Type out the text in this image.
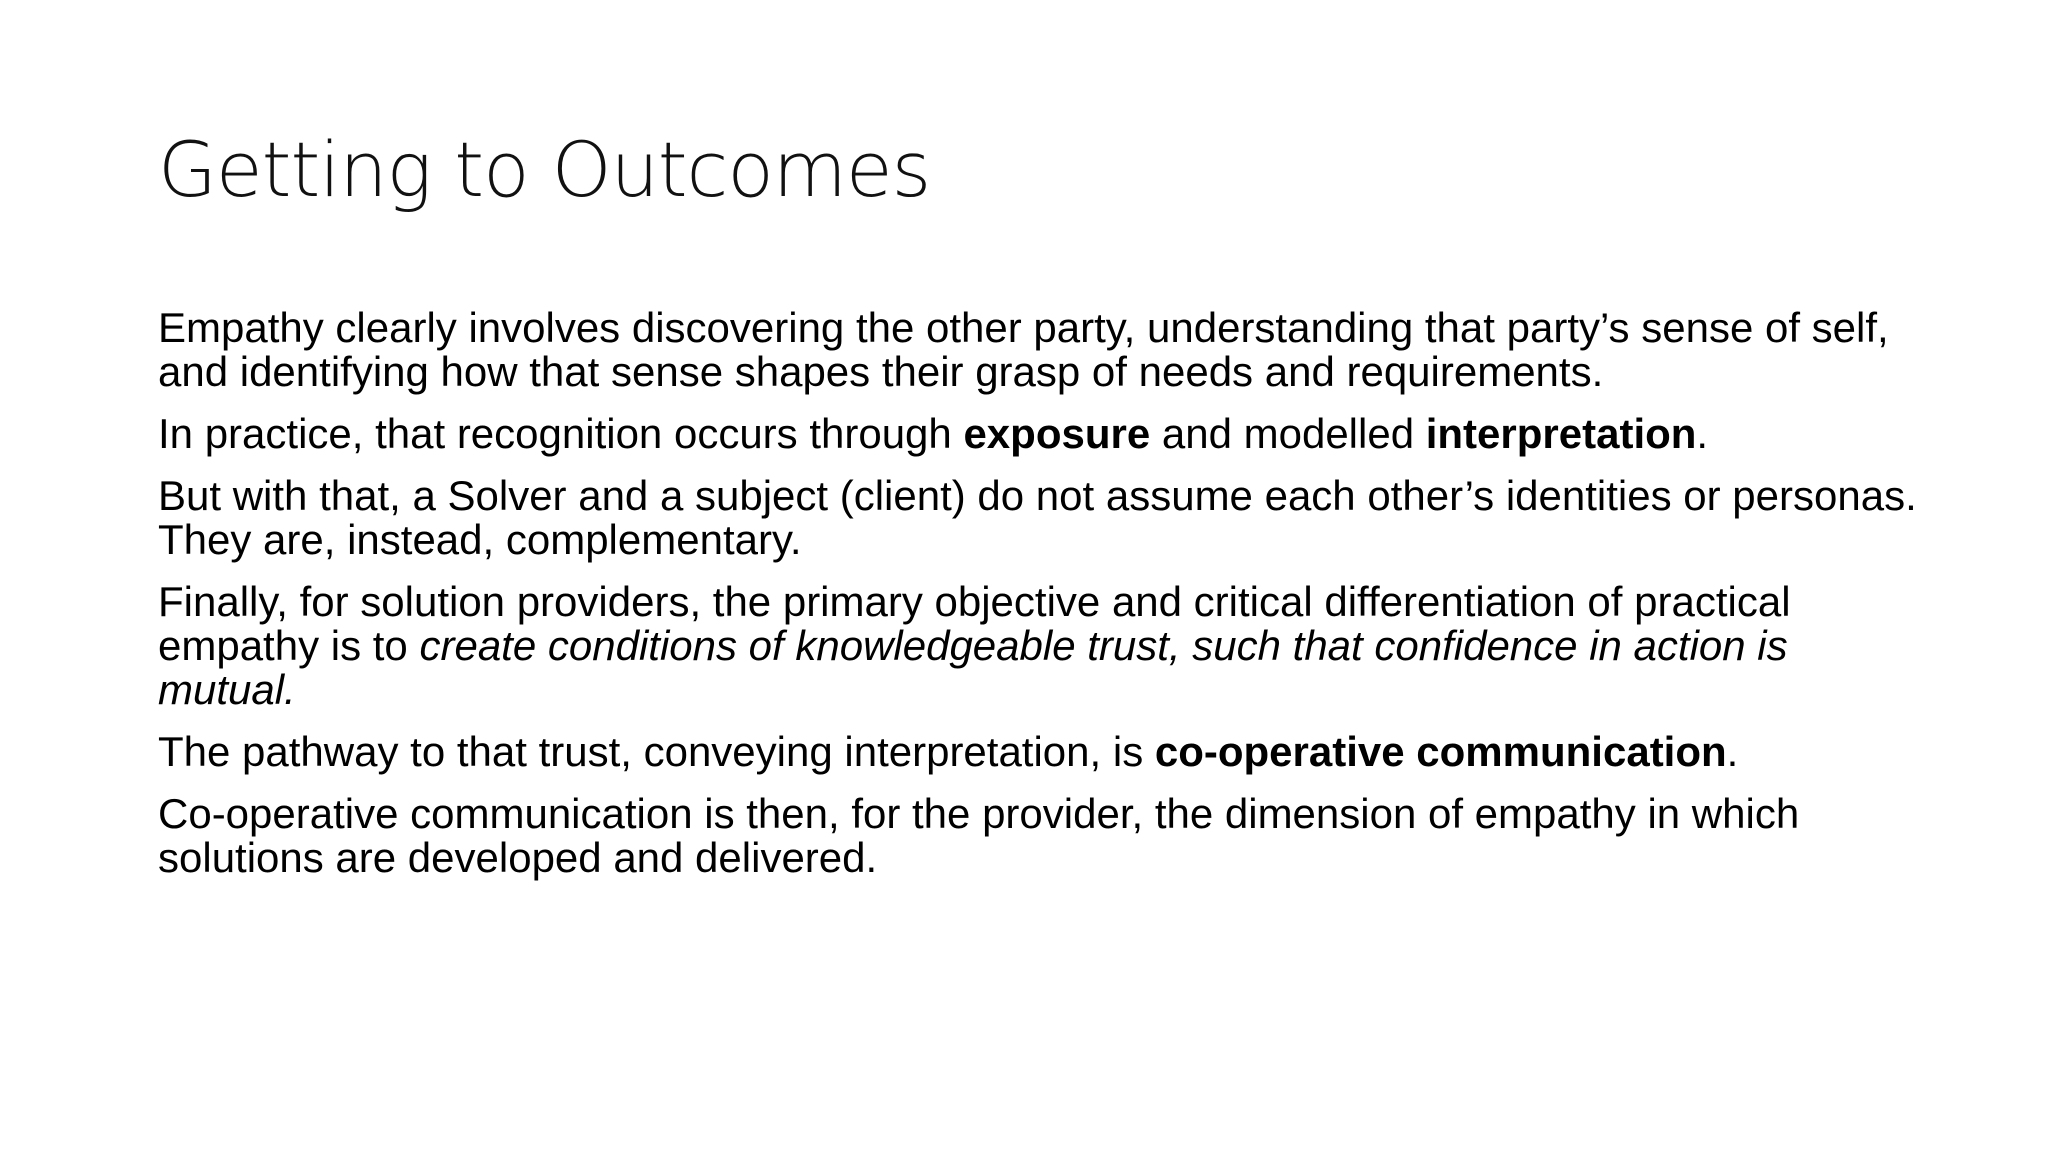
Getting to Outcomes

Empathy clearly involves discovering the other party, understanding that party’s sense of self, and identifying how that sense shapes their grasp of needs and requirements.

In practice, that recognition occurs through exposure and modelled interpretation.

But with that, a Solver and a subject (client) do not assume each other’s identities or personas. They are, instead, complementary.

Finally, for solution providers, the primary objective and critical differentiation of practical empathy is to create conditions of knowledgeable trust, such that confidence in action is mutual.

The pathway to that trust, conveying interpretation, is co-operative communication.

Co-operative communication is then, for the provider, the dimension of empathy in which solutions are developed and delivered.
